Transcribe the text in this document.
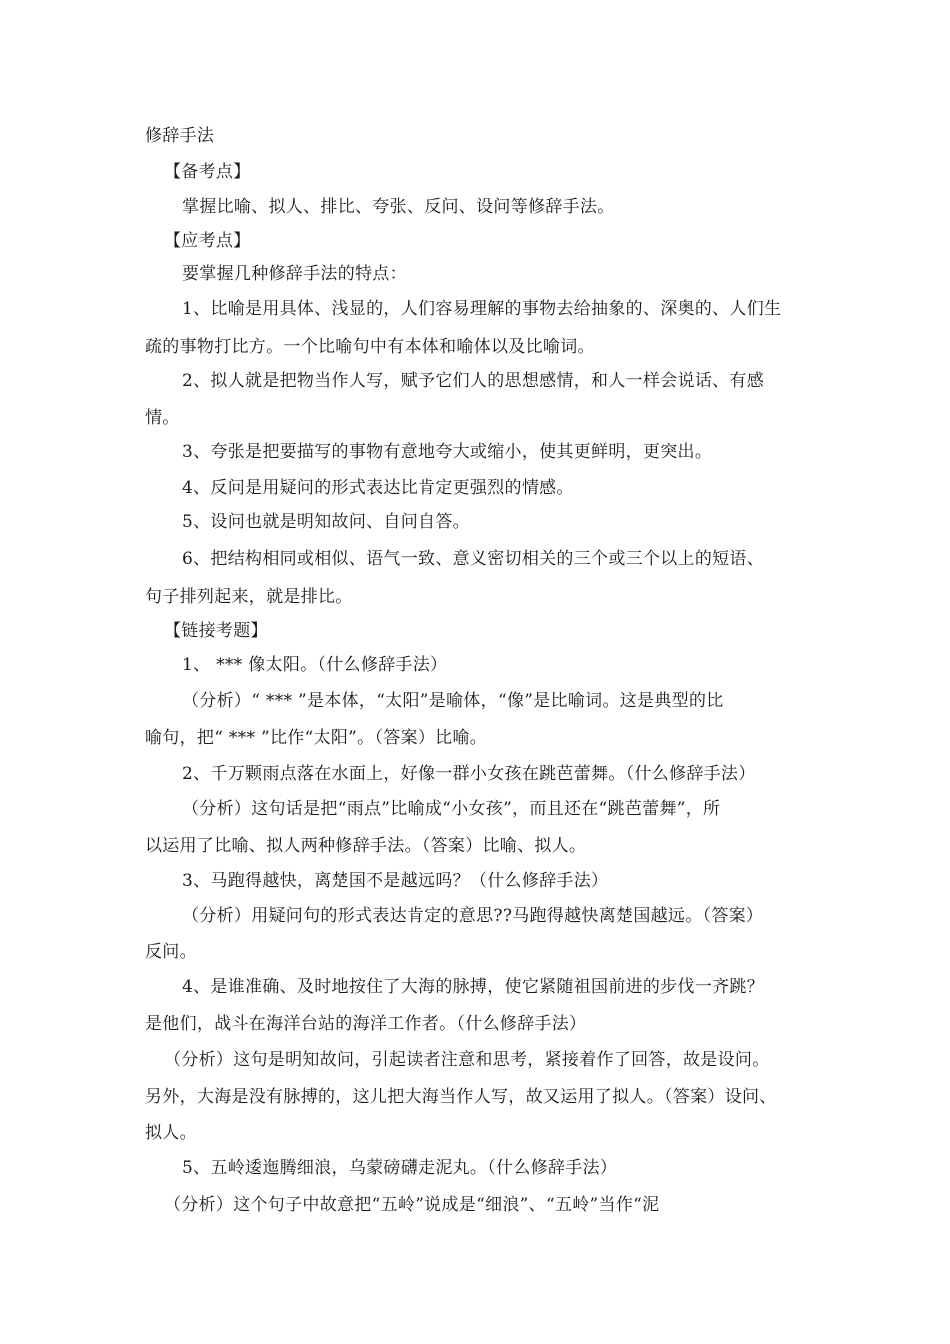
修辞手法
【备考点】
掌握比喻、拟人、排比、夸张、反问、设问等修辞手法。
【应考点】
要掌握几种修辞手法的特点：
1、比喻是用具体、浅显的，人们容易理解的事物去给抽象的、深奥的、人们生
疏的事物打比方。一个比喻句中有本体和喻体以及比喻词。
2、拟人就是把物当作人写，赋予它们人的思想感情，和人一样会说话、有感
情。
3、夸张是把要描写的事物有意地夸大或缩小，使其更鲜明，更突出。
4、反问是用疑问的形式表达比肯定更强烈的情感。
5、设问也就是明知故问、自问自答。
6、把结构相同或相似、语气一致、意义密切相关的三个或三个以上的短语、
句子排列起来，就是排比。
【链接考题】
1、 *** 像太阳。（什么修辞手法）
（分析）“ *** ”是本体，“太阳”是喻体，“像”是比喻词。这是典型的比
喻句，把“ *** ”比作“太阳”。（答案）比喻。
2、千万颗雨点落在水面上，好像一群小女孩在跳芭蕾舞。（什么修辞手法）
（分析）这句话是把“雨点”比喻成“小女孩”，而且还在“跳芭蕾舞”，所
以运用了比喻、拟人两种修辞手法。（答案）比喻、拟人。
3、马跑得越快，离楚国不是越远吗？（什么修辞手法）
（分析）用疑问句的形式表达肯定的意思??马跑得越快离楚国越远。（答案）
反问。
4、是谁准确、及时地按住了大海的脉搏，使它紧随祖国前进的步伐一齐跳？
是他们，战斗在海洋台站的海洋工作者。（什么修辞手法）
（分析）这句是明知故问，引起读者注意和思考，紧接着作了回答，故是设问。
另外，大海是没有脉搏的，这儿把大海当作人写，故又运用了拟人。（答案）设问、
拟人。
5、五岭逶迤腾细浪，乌蒙磅礴走泥丸。（什么修辞手法）
（分析）这个句子中故意把“五岭”说成是“细浪”、“五岭”当作“泥
